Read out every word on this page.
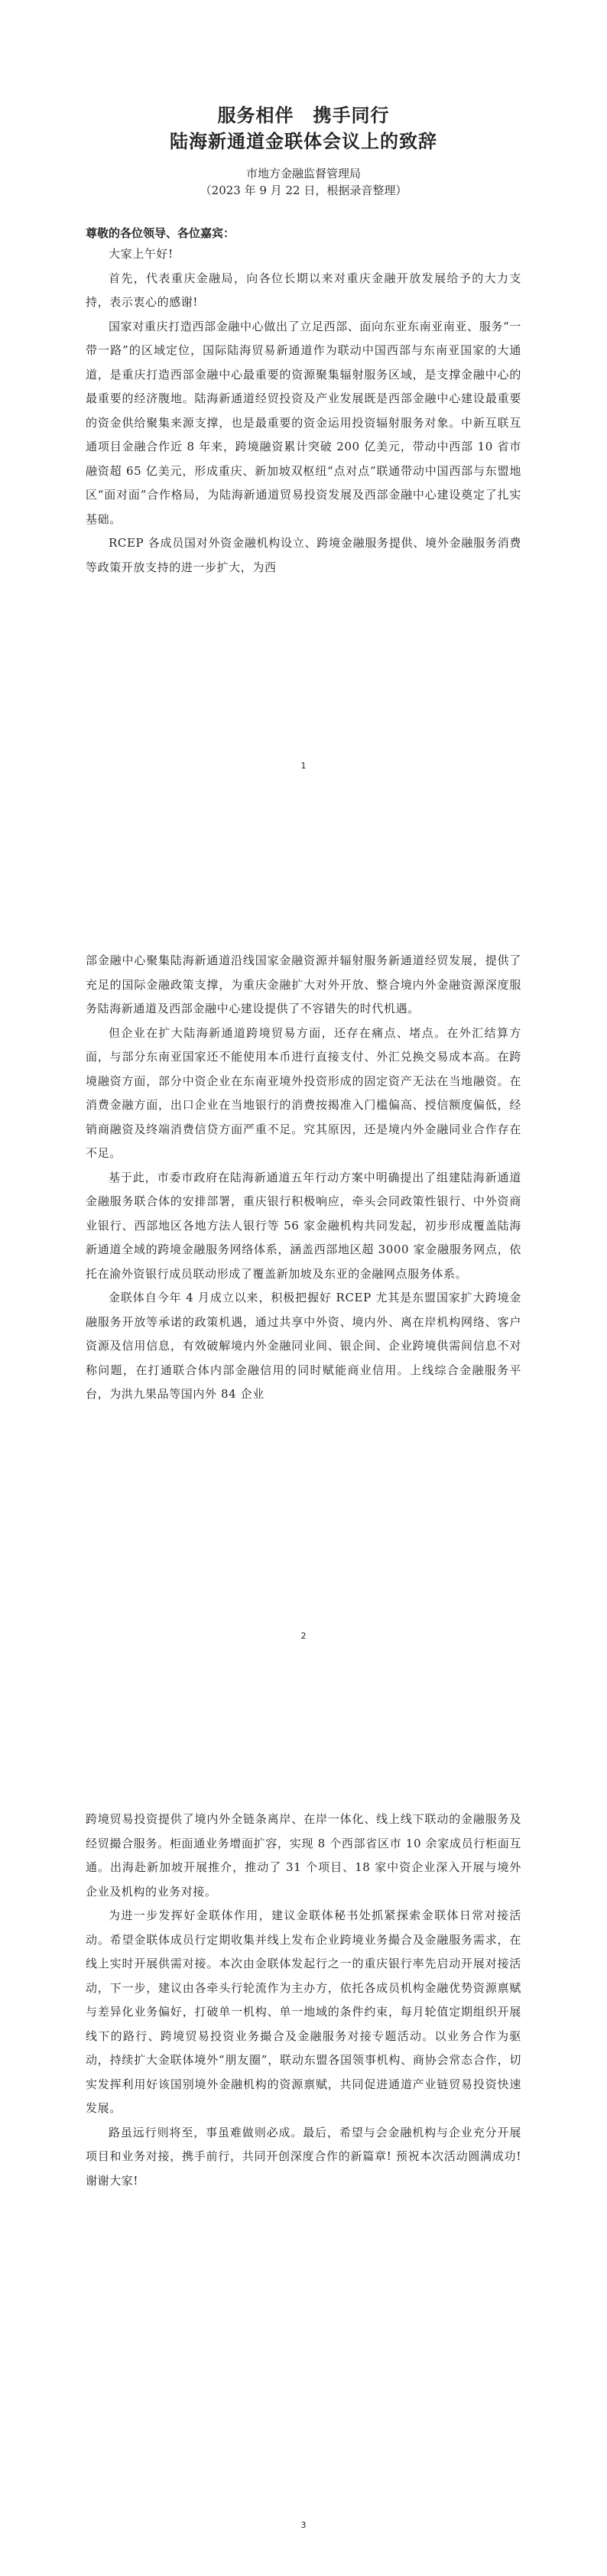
服务相伴　携手同行

陆海新通道金联体会议上的致辞

市地方金融监督管理局

（2023 年 9 月 22 日，根据录音整理）

尊敬的各位领导、各位嘉宾：

大家上午好!

首先，代表重庆金融局，向各位长期以来对重庆金融开放发展给予的大力支持，表示衷心的感谢!

国家对重庆打造西部金融中心做出了立足西部、面向东亚东南亚南亚、服务“一带一路”的区域定位，国际陆海贸易新通道作为联动中国西部与东南亚国家的大通道，是重庆打造西部金融中心最重要的资源聚集辐射服务区域，是支撑金融中心的最重要的经济腹地。陆海新通道经贸投资及产业发展既是西部金融中心建设最重要的资金供给聚集来源支撑，也是最重要的资金运用投资辐射服务对象。中新互联互通项目金融合作近 8 年来，跨境融资累计突破 200 亿美元，带动中西部 10 省市融资超 65 亿美元，形成重庆、新加坡双枢纽“点对点”联通带动中国西部与东盟地区“面对面”合作格局，为陆海新通道贸易投资发展及西部金融中心建设奠定了扎实基础。

RCEP 各成员国对外资金融机构设立、跨境金融服务提供、境外金融服务消费等政策开放支持的进一步扩大，为西

1

部金融中心聚集陆海新通道沿线国家金融资源并辐射服务新通道经贸发展，提供了充足的国际金融政策支撑，为重庆金融扩大对外开放、整合境内外金融资源深度服务陆海新通道及西部金融中心建设提供了不容错失的时代机遇。

但企业在扩大陆海新通道跨境贸易方面，还存在痛点、堵点。在外汇结算方面，与部分东南亚国家还不能使用本币进行直接支付、外汇兑换交易成本高。在跨境融资方面，部分中资企业在东南亚境外投资形成的固定资产无法在当地融资。在消费金融方面，出口企业在当地银行的消费按揭准入门槛偏高、授信额度偏低，经销商融资及终端消费信贷方面严重不足。究其原因，还是境内外金融同业合作存在不足。

基于此，市委市政府在陆海新通道五年行动方案中明确提出了组建陆海新通道金融服务联合体的安排部署，重庆银行积极响应，牵头会同政策性银行、中外资商业银行、西部地区各地方法人银行等 56 家金融机构共同发起，初步形成覆盖陆海新通道全域的跨境金融服务网络体系，涵盖西部地区超 3000 家金融服务网点，依托在渝外资银行成员联动形成了覆盖新加坡及东亚的金融网点服务体系。

金联体自今年 4 月成立以来，积极把握好 RCEP 尤其是东盟国家扩大跨境金融服务开放等承诺的政策机遇，通过共享中外资、境内外、离在岸机构网络、客户资源及信用信息，有效破解境内外金融同业间、银企间、企业跨境供需间信息不对称问题，在打通联合体内部金融信用的同时赋能商业信用。上线综合金融服务平台，为洪九果品等国内外 84 企业

2

跨境贸易投资提供了境内外全链条离岸、在岸一体化、线上线下联动的金融服务及经贸撮合服务。柜面通业务增面扩容，实现 8 个西部省区市 10 余家成员行柜面互通。出海赴新加坡开展推介，推动了 31 个项目、18 家中资企业深入开展与境外企业及机构的业务对接。

为进一步发挥好金联体作用，建议金联体秘书处抓紧探索金联体日常对接活动。希望金联体成员行定期收集并线上发布企业跨境业务撮合及金融服务需求，在线上实时开展供需对接。本次由金联体发起行之一的重庆银行率先启动开展对接活动，下一步，建议由各牵头行轮流作为主办方，依托各成员机构金融优势资源禀赋与差异化业务偏好，打破单一机构、单一地域的条件约束，每月轮值定期组织开展线下的路行、跨境贸易投资业务撮合及金融服务对接专题活动。以业务合作为驱动，持续扩大金联体境外“朋友圈”，联动东盟各国领事机构、商协会常态合作，切实发挥利用好该国别境外金融机构的资源禀赋，共同促进通道产业链贸易投资快速发展。

路虽远行则将至，事虽难做则必成。最后，希望与会金融机构与企业充分开展项目和业务对接，携手前行，共同开创深度合作的新篇章! 预祝本次活动圆满成功! 谢谢大家!

3
